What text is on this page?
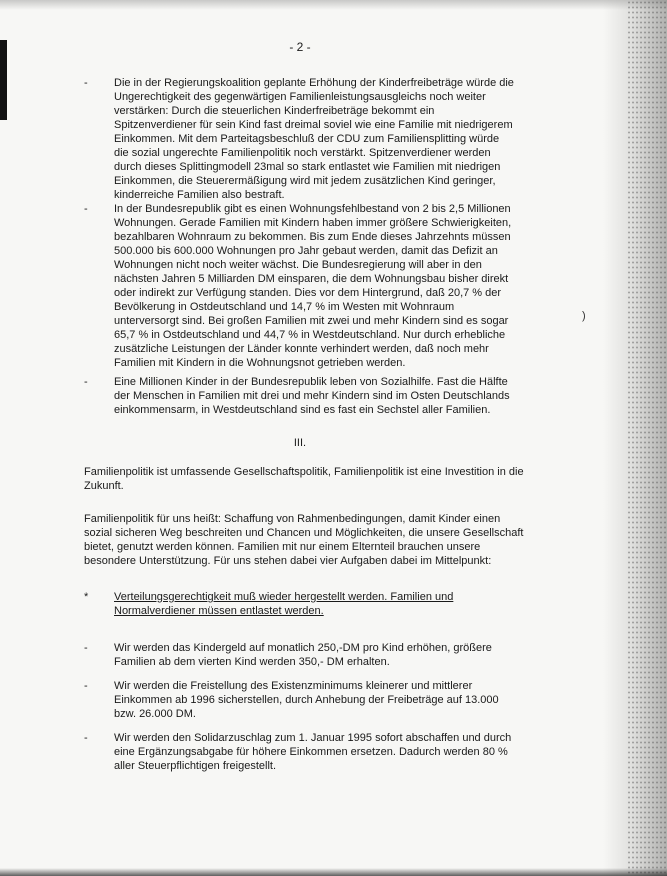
- 2 -
- Die in der Regierungskoalition geplante Erhöhung der Kinderfreibeträge würde die Ungerechtigkeit des gegenwärtigen Familienleistungsausgleichs noch weiter verstärken: Durch die steuerlichen Kinderfreibeträge bekommt ein Spitzenverdiener für sein Kind fast dreimal soviel wie eine Familie mit niedrigerem Einkommen. Mit dem Parteitagsbeschluß der CDU zum Familiensplitting würde die sozial ungerechte Familienpolitik noch verstärkt. Spitzenverdiener werden durch dieses Splittingmodell 23mal so stark entlastet wie Familien mit niedrigen Einkommen, die Steuerermäßigung wird mit jedem zusätzlichen Kind geringer, kinderreiche Familien also bestraft.
- In der Bundesrepublik gibt es einen Wohnungsfehlbestand von 2 bis 2,5 Millionen Wohnungen. Gerade Familien mit Kindern haben immer größere Schwierigkeiten, bezahlbaren Wohnraum zu bekommen. Bis zum Ende dieses Jahrzehnts müssen 500.000 bis 600.000 Wohnungen pro Jahr gebaut werden, damit das Defizit an Wohnungen nicht noch weiter wächst. Die Bundesregierung will aber in den nächsten Jahren 5 Milliarden DM einsparen, die dem Wohnungsbau bisher direkt oder indirekt zur Verfügung standen. Dies vor dem Hintergrund, daß 20,7 % der Bevölkerung in Ostdeutschland und 14,7 % im Westen mit Wohnraum unterversorgt sind. Bei großen Familien mit zwei und mehr Kindern sind es sogar 65,7 % in Ostdeutschland und 44,7 % in Westdeutschland. Nur durch erhebliche zusätzliche Leistungen der Länder konnte verhindert werden, daß noch mehr Familien mit Kindern in die Wohnungsnot getrieben werden.
- Eine Millionen Kinder in der Bundesrepublik leben von Sozialhilfe. Fast die Hälfte der Menschen in Familien mit drei und mehr Kindern sind im Osten Deutschlands einkommensarm, in Westdeutschland sind es fast ein Sechstel aller Familien.
)
III.
Familienpolitik ist umfassende Gesellschaftspolitik, Familienpolitik ist eine Investition in die Zukunft.
Familienpolitik für uns heißt: Schaffung von Rahmenbedingungen, damit Kinder einen sozial sicheren Weg beschreiten und Chancen und Möglichkeiten, die unsere Gesellschaft bietet, genutzt werden können. Familien mit nur einem Elternteil brauchen unsere besondere Unterstützung. Für uns stehen dabei vier Aufgaben dabei im Mittelpunkt:
* Verteilungsgerechtigkeit muß wieder hergestellt werden. Familien und Normalverdiener müssen entlastet werden.
- Wir werden das Kindergeld auf monatlich 250,-DM pro Kind erhöhen, größere Familien ab dem vierten Kind werden 350,- DM erhalten.
- Wir werden die Freistellung des Existenzminimums kleinerer und mittlerer Einkommen ab 1996 sicherstellen, durch Anhebung der Freibeträge auf 13.000 bzw. 26.000 DM.
- Wir werden den Solidarzuschlag zum 1. Januar 1995 sofort abschaffen und durch eine Ergänzungsabgabe für höhere Einkommen ersetzen. Dadurch werden 80 % aller Steuerpflichtigen freigestellt.
